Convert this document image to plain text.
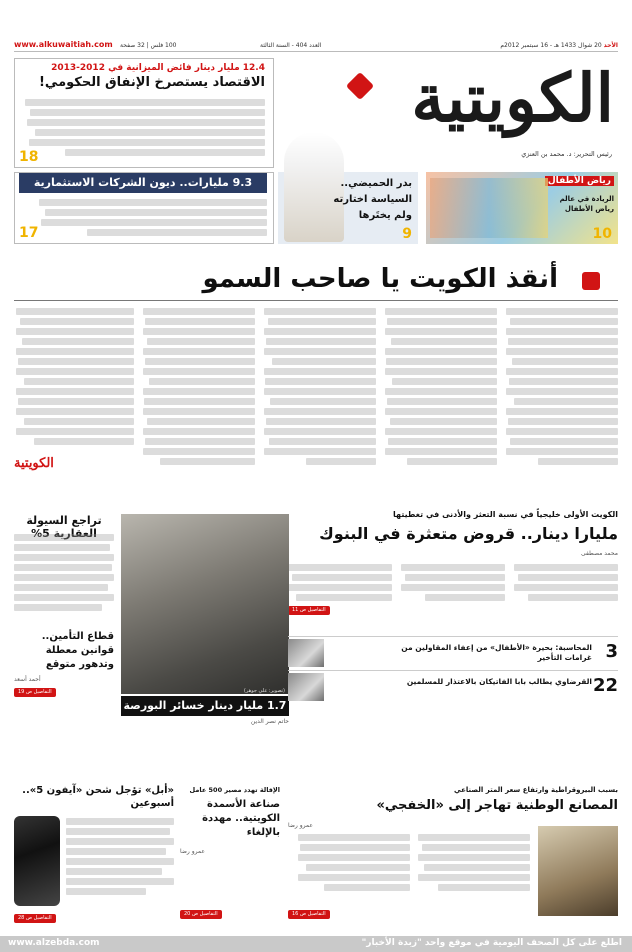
الأحد 20 شوال 1433 هـ - 16 سبتمبر 2012م
العدد 404 - السنة الثالثة
100 فلس | 32 صفحة
www.alkuwaitiah.com
الكويتية
رئيس التحرير: د. محمد بن العنزي
12.4 مليار دينار فائض الميزانية في 2012-2013
الاقتصاد يستصرخ الإنفاق الحكومي!
18
9.3 مليارات.. ديون الشركات الاستثمارية
17
بدر الحميضي..
السياسة اختارته
ولم يختَرها
9
رياض الأطفال
الريادة في عالم رياض الأطفال
10
أنقذ الكويت يا صاحب السمو
الكويتية
الكويت الأولى خليجياً في نسبة التعثر والأدنى في تغطيتها
مليارا دينار.. قروض متعثرة في البنوك
محمد مصطفى
التفاصيل ص 11
تراجع السيولة العقارية 5%
(تصوير: علي جوهر)
1.7 مليار دينار خسائر البورصة
حاتم نصر الدين
قطاع التأمين.. قوانين معطلة وتدهور متوقع
أحمد أسعد
التفاصيل ص 19
3
المحاسبة: بحيرة «الأطفال» من إعفاء المقاولين من غرامات التأخير
22
القرضاوي يطالب بابا الفاتيكان بالاعتذار للمسلمين
«أبل» تؤجل شحن «آيفون 5».. أسبوعين
التفاصيل ص 28
الإقالة تهدد مصير 500 عامل
صناعة الأسمدة الكويتية.. مهددة بالإلغاء
عمرو رضا
التفاصيل ص 20
بسبب البيروقراطية وارتفاع سعر المتر الصناعي
المصانع الوطنية تهاجر إلى «الخفجي»
عمرو رضا
التفاصيل ص 16
اطلع على كل الصحف اليومية في موقع واحد "زبدة الأخبار"
www.alzebda.com
